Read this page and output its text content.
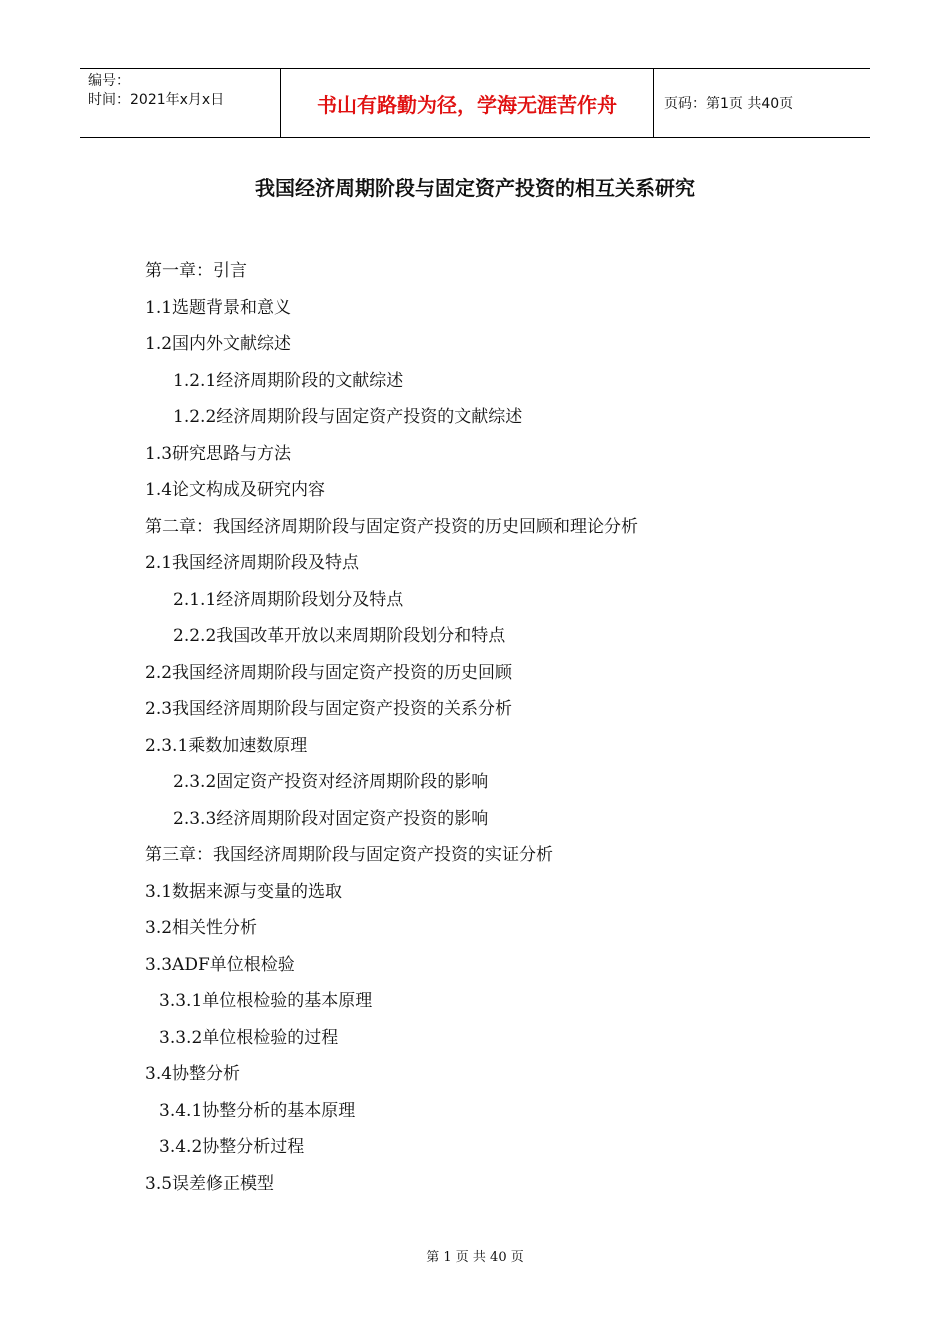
编号：
时间：2021年x月x日	书山有路勤为径，学海无涯苦作舟	页码：第1页 共40页
我国经济周期阶段与固定资产投资的相互关系研究
第一章：引言
1.1选题背景和意义
1.2国内外文献综述
1.2.1经济周期阶段的文献综述
1.2.2经济周期阶段与固定资产投资的文献综述
1.3研究思路与方法
1.4论文构成及研究内容
第二章：我国经济周期阶段与固定资产投资的历史回顾和理论分析
2.1我国经济周期阶段及特点
2.1.1经济周期阶段划分及特点
2.2.2我国改革开放以来周期阶段划分和特点
2.2我国经济周期阶段与固定资产投资的历史回顾
2.3我国经济周期阶段与固定资产投资的关系分析
2.3.1乘数加速数原理
2.3.2固定资产投资对经济周期阶段的影响
2.3.3经济周期阶段对固定资产投资的影响
第三章：我国经济周期阶段与固定资产投资的实证分析
3.1数据来源与变量的选取
3.2相关性分析
3.3ADF单位根检验
3.3.1单位根检验的基本原理
3.3.2单位根检验的过程
3.4协整分析
3.4.1协整分析的基本原理
3.4.2协整分析过程
3.5误差修正模型
第 1 页 共 40 页
